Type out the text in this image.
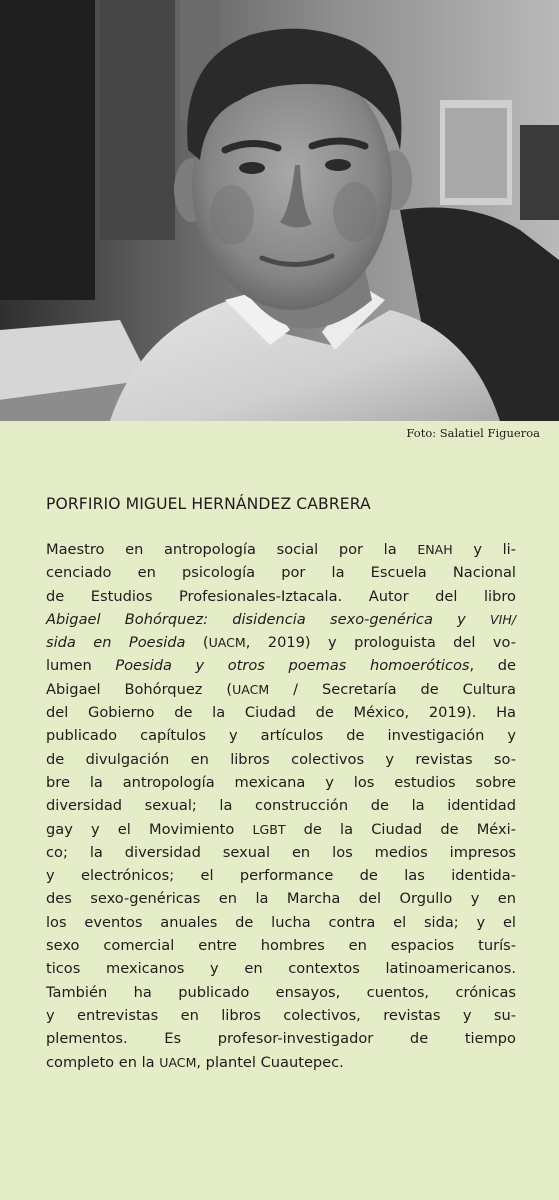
Foto: Salatiel Figueroa
PORFIRIO MIGUEL HERNÁNDEZ CABRERA

Maestro en antropología social por la ENAH y li-
cenciado en psicología por la Escuela Nacional
de Estudios Profesionales-Iztacala. Autor del libro
Abigael Bohórquez: disidencia sexo-genérica y VIH/
sida en Poesida (UACM, 2019) y prologuista del vo-
lumen Poesida y otros poemas homoeróticos, de
Abigael Bohórquez (UACM / Secretaría de Cultura
del Gobierno de la Ciudad de México, 2019). Ha
publicado capítulos y artículos de investigación y
de divulgación en libros colectivos y revistas so-
bre la antropología mexicana y los estudios sobre
diversidad sexual; la construcción de la identidad
gay y el Movimiento LGBT de la Ciudad de Méxi-
co; la diversidad sexual en los medios impresos
y electrónicos; el performance de las identida-
des sexo-genéricas en la Marcha del Orgullo y en
los eventos anuales de lucha contra el sida; y el
sexo comercial entre hombres en espacios turís-
ticos mexicanos y en contextos latinoamericanos.
También ha publicado ensayos, cuentos, crónicas
y entrevistas en libros colectivos, revistas y su-
plementos. Es profesor-investigador de tiempo
completo en la UACM, plantel Cuautepec.
